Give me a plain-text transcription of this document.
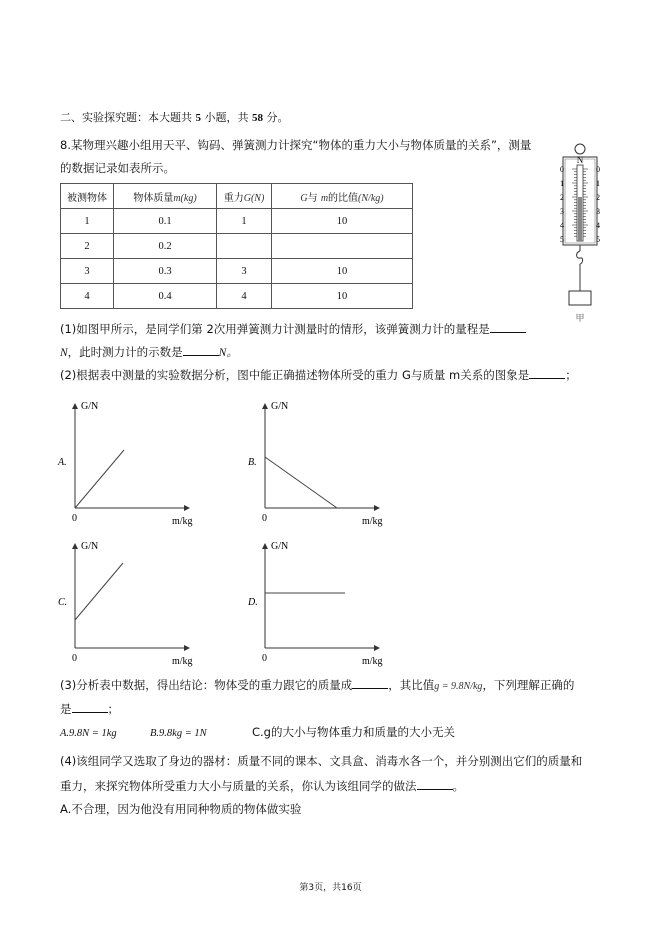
二、实验探究题：本大题共 5 小题，共 58 分。
8.某物理兴趣小组用天平、钩码、弹簧测力计探究“物体的重力大小与物体质量的关系”，测量
的数据记录如表所示。
被测物体	物体质量m(kg)	重力G(N)	G与 m的比值(N/kg)
1	0.1	1	10
2	0.2		
3	0.3	3	10
4	0.4	4	10
N
0	0
1	1
2	2
3	3
4	4
5	5
甲
(1)如图甲所示，是同学们第 2次用弹簧测力计测量时的情形，该弹簧测力计的量程是
N，此时测力计的示数是	N。
(2)根据表中测量的实验数据分析，图中能正确描述物体所受的重力 G与质量 m关系的图象是	；
G/N
m/kg
0
A.
G/N
m/kg
0
B.
G/N
m/kg
0
C.
G/N
m/kg
0
D.
(3)分析表中数据，得出结论：物体受的重力跟它的质量成	，其比值g = 9.8N/kg，下列理解正确的
是	；
A.9.8N = 1kg	B.9.8kg = 1N	C.g的大小与物体重力和质量的大小无关
(4)该组同学又选取了身边的器材：质量不同的课本、文具盒、消毒水各一个，并分别测出它们的质量和
重力，来探究物体所受重力大小与质量的关系，你认为该组同学的做法	。
A.不合理，因为他没有用同种物质的物体做实验
第3页，共16页
